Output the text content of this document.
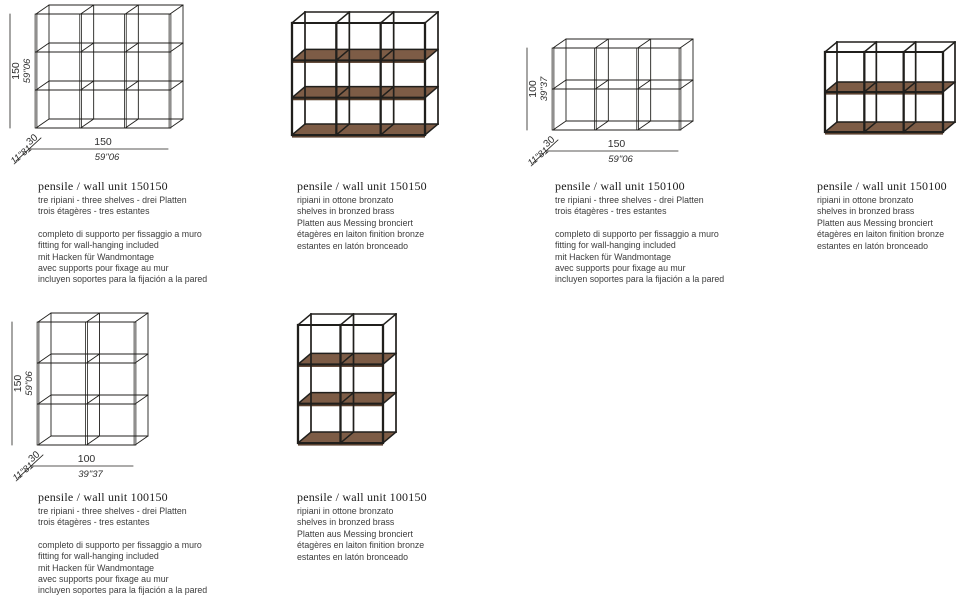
150 59"06
30
11"81
150
59"06
100 39"37
30
11"81
150
59"06
150 59"06
30
11"81
100
39"37
pensile / wall unit 150150
tre ripiani - three shelves - drei Platten
trois étagères - tres estantes
completo di supporto per fissaggio a muro
fitting for wall-hanging included
mit Hacken für Wandmontage
avec supports pour fixage au mur
incluyen soportes para la fijación a la pared
pensile / wall unit 150150
ripiani in ottone bronzato
shelves in bronzed brass
Platten aus Messing bronciert
étagères en laiton finition bronze
estantes en latón bronceado
pensile / wall unit 150100
tre ripiani - three shelves - drei Platten
trois étagères - tres estantes
completo di supporto per fissaggio a muro
fitting for wall-hanging included
mit Hacken für Wandmontage
avec supports pour fixage au mur
incluyen soportes para la fijación a la pared
pensile / wall unit 150100
ripiani in ottone bronzato
shelves in bronzed brass
Platten aus Messing bronciert
étagères en laiton finition bronze
estantes en latón bronceado
pensile / wall unit 100150
tre ripiani - three shelves - drei Platten
trois étagères - tres estantes
completo di supporto per fissaggio a muro
fitting for wall-hanging included
mit Hacken für Wandmontage
avec supports pour fixage au mur
incluyen soportes para la fijación a la pared
pensile / wall unit 100150
ripiani in ottone bronzato
shelves in bronzed brass
Platten aus Messing bronciert
étagères en laiton finition bronze
estantes en latón bronceado
